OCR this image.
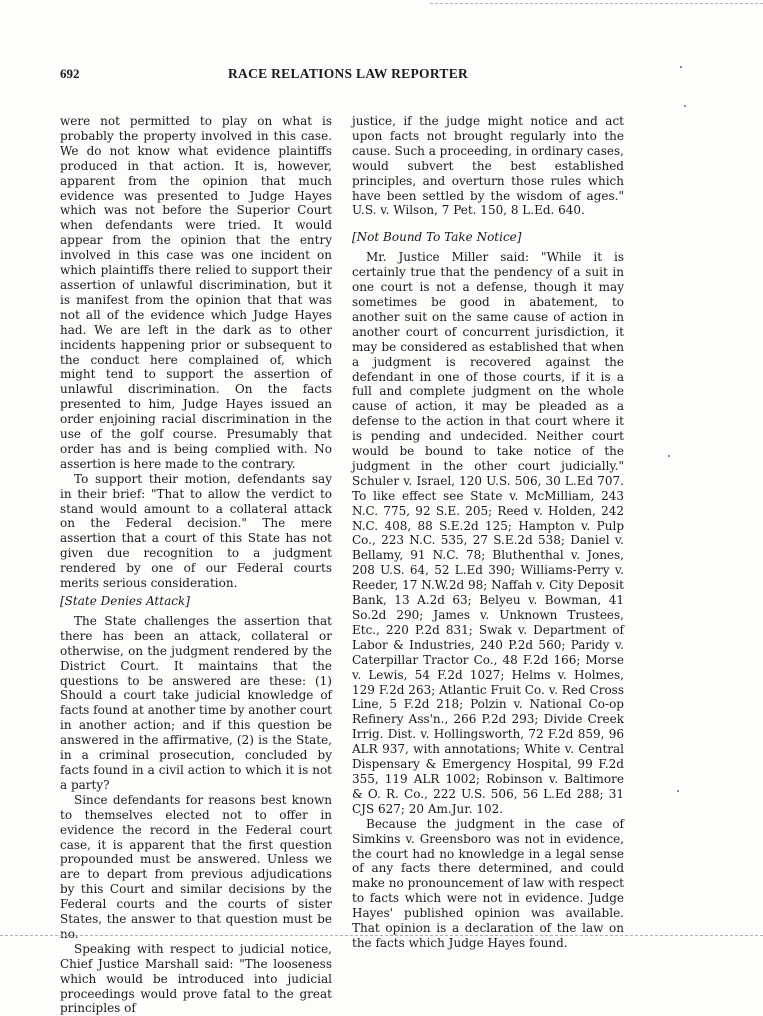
692	RACE RELATIONS LAW REPORTER

were not permitted to play on what is probably the property involved in this case. We do not know what evidence plaintiffs produced in that action. It is, however, apparent from the opinion that much evidence was presented to Judge Hayes which was not before the Superior Court when defendants were tried. It would appear from the opinion that the entry involved in this case was one incident on which plaintiffs there relied to support their assertion of unlawful discrimination, but it is manifest from the opinion that that was not all of the evidence which Judge Hayes had. We are left in the dark as to other incidents happening prior or subsequent to the conduct here complained of, which might tend to support the assertion of unlawful discrimination. On the facts presented to him, Judge Hayes issued an order enjoining racial discrimination in the use of the golf course. Presumably that order has and is being complied with. No assertion is here made to the contrary.

To support their motion, defendants say in their brief: "That to allow the verdict to stand would amount to a collateral attack on the Federal decision." The mere assertion that a court of this State has not given due recognition to a judgment rendered by one of our Federal courts merits serious consideration.

[State Denies Attack]

The State challenges the assertion that there has been an attack, collateral or otherwise, on the judgment rendered by the District Court. It maintains that the questions to be answered are these: (1) Should a court take judicial knowledge of facts found at another time by another court in another action; and if this question be answered in the affirmative, (2) is the State, in a criminal prosecution, concluded by facts found in a civil action to which it is not a party?

Since defendants for reasons best known to themselves elected not to offer in evidence the record in the Federal court case, it is apparent that the first question propounded must be answered. Unless we are to depart from previous adjudications by this Court and similar decisions by the Federal courts and the courts of sister States, the answer to that question must be no.

Speaking with respect to judicial notice, Chief Justice Marshall said: "The looseness which would be introduced into judicial proceedings would prove fatal to the great principles of

justice, if the judge might notice and act upon facts not brought regularly into the cause. Such a proceeding, in ordinary cases, would subvert the best established principles, and overturn those rules which have been settled by the wisdom of ages." U.S. v. Wilson, 7 Pet. 150, 8 L.Ed. 640.

[Not Bound To Take Notice]

Mr. Justice Miller said: "While it is certainly true that the pendency of a suit in one court is not a defense, though it may sometimes be good in abatement, to another suit on the same cause of action in another court of concurrent jurisdiction, it may be considered as established that when a judgment is recovered against the defendant in one of those courts, if it is a full and complete judgment on the whole cause of action, it may be pleaded as a defense to the action in that court where it is pending and undecided. Neither court would be bound to take notice of the judgment in the other court judicially." Schuler v. Israel, 120 U.S. 506, 30 L.Ed 707. To like effect see State v. McMilliam, 243 N.C. 775, 92 S.E. 205; Reed v. Holden, 242 N.C. 408, 88 S.E.2d 125; Hampton v. Pulp Co., 223 N.C. 535, 27 S.E.2d 538; Daniel v. Bellamy, 91 N.C. 78; Bluthenthal v. Jones, 208 U.S. 64, 52 L.Ed 390; Williams-Perry v. Reeder, 17 N.W.2d 98; Naffah v. City Deposit Bank, 13 A.2d 63; Belyeu v. Bowman, 41 So.2d 290; James v. Unknown Trustees, Etc., 220 P.2d 831; Swak v. Department of Labor & Industries, 240 P.2d 560; Paridy v. Caterpillar Tractor Co., 48 F.2d 166; Morse v. Lewis, 54 F.2d 1027; Helms v. Holmes, 129 F.2d 263; Atlantic Fruit Co. v. Red Cross Line, 5 F.2d 218; Polzin v. National Co-op Refinery Ass'n., 266 P.2d 293; Divide Creek Irrig. Dist. v. Hollingsworth, 72 F.2d 859, 96 ALR 937, with annotations; White v. Central Dispensary & Emergency Hospital, 99 F.2d 355, 119 ALR 1002; Robinson v. Baltimore & O. R. Co., 222 U.S. 506, 56 L.Ed 288; 31 CJS 627; 20 Am.Jur. 102.

Because the judgment in the case of Simkins v. Greensboro was not in evidence, the court had no knowledge in a legal sense of any facts there determined, and could make no pronouncement of law with respect to facts which were not in evidence. Judge Hayes' published opinion was available. That opinion is a declaration of the law on the facts which Judge Hayes found.
